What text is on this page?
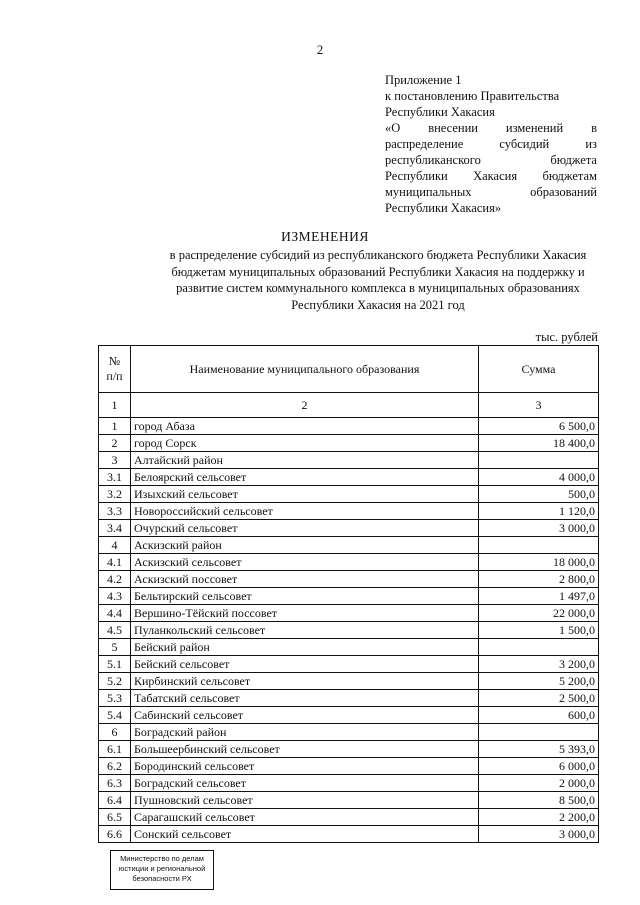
2
Приложение 1
к постановлению Правительства
Республики Хакасия
«О внесении изменений в
распределение субсидий из
республиканского бюджета
Республики Хакасия бюджетам
муниципальных образований
Республики Хакасия»
ИЗМЕНЕНИЯ
в распределение субсидий из республиканского бюджета Республики Хакасия
бюджетам муниципальных образований Республики Хакасия на поддержку и
развитие систем коммунального комплекса в муниципальных образованиях
Республики Хакасия на 2021 год
тыс. рублей
№
п/п	Наименование муниципального образования	Сумма
1	2	3
1	город Абаза	6 500,0
2	город Сорск	18 400,0
3	Алтайский район	
3.1	Белоярский сельсовет	4 000,0
3.2	Изыхский сельсовет	500,0
3.3	Новороссийский сельсовет	1 120,0
3.4	Очурский сельсовет	3 000,0
4	Аскизский район	
4.1	Аскизский сельсовет	18 000,0
4.2	Аскизский поссовет	2 800,0
4.3	Бельтирский сельсовет	1 497,0
4.4	Вершино-Тёйский поссовет	22 000,0
4.5	Пуланкольский сельсовет	1 500,0
5	Бейский район	
5.1	Бейский сельсовет	3 200,0
5.2	Кирбинский сельсовет	5 200,0
5.3	Табатский сельсовет	2 500,0
5.4	Сабинский сельсовет	600,0
6	Боградский район	
6.1	Большеербинский сельсовет	5 393,0
6.2	Бородинский сельсовет	6 000,0
6.3	Боградский сельсовет	2 000,0
6.4	Пушновский сельсовет	8 500,0
6.5	Сарагашский сельсовет	2 200,0
6.6	Сонский сельсовет	3 000,0
Министерство по делам
юстиции и региональной
безопасности РХ
